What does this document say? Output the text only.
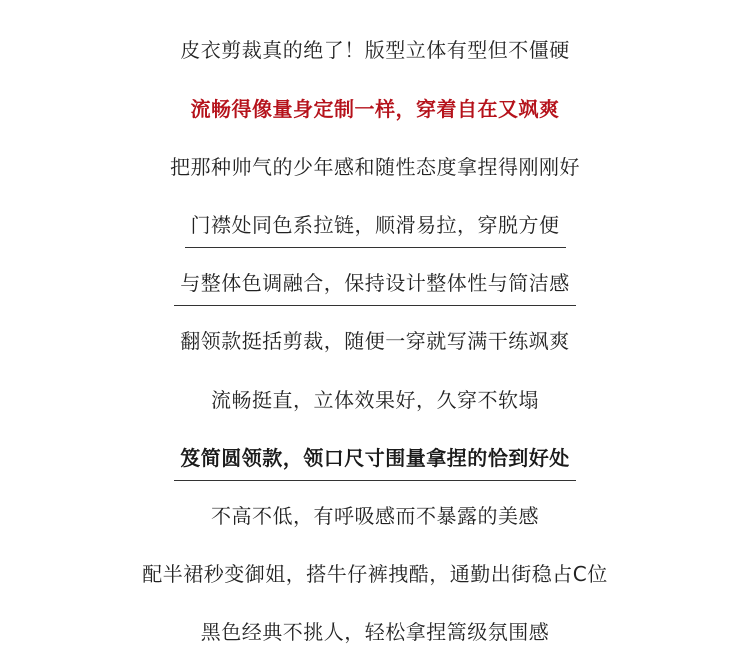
皮衣剪裁真的绝了！版型立体有型但不僵硬
流畅得像量身定制一样，穿着自在又飒爽
把那种帅气的少年感和随性态度拿捏得刚刚好
门襟处同色系拉链，顺滑易拉，穿脱方便
与整体色调融合，保持设计整体性与简洁感
翻领款挺括剪裁，随便一穿就写满干练飒爽
流畅挺直，立体效果好，久穿不软塌
笈简圆领款，领口尺寸围量拿捏的恰到好处
不高不低，有呼吸感而不暴露的美感
配半裙秒变御姐，搭牛仔裤拽酷，通勤出街稳占C位
黑色经典不挑人，轻松拿捏篙级氛围感
